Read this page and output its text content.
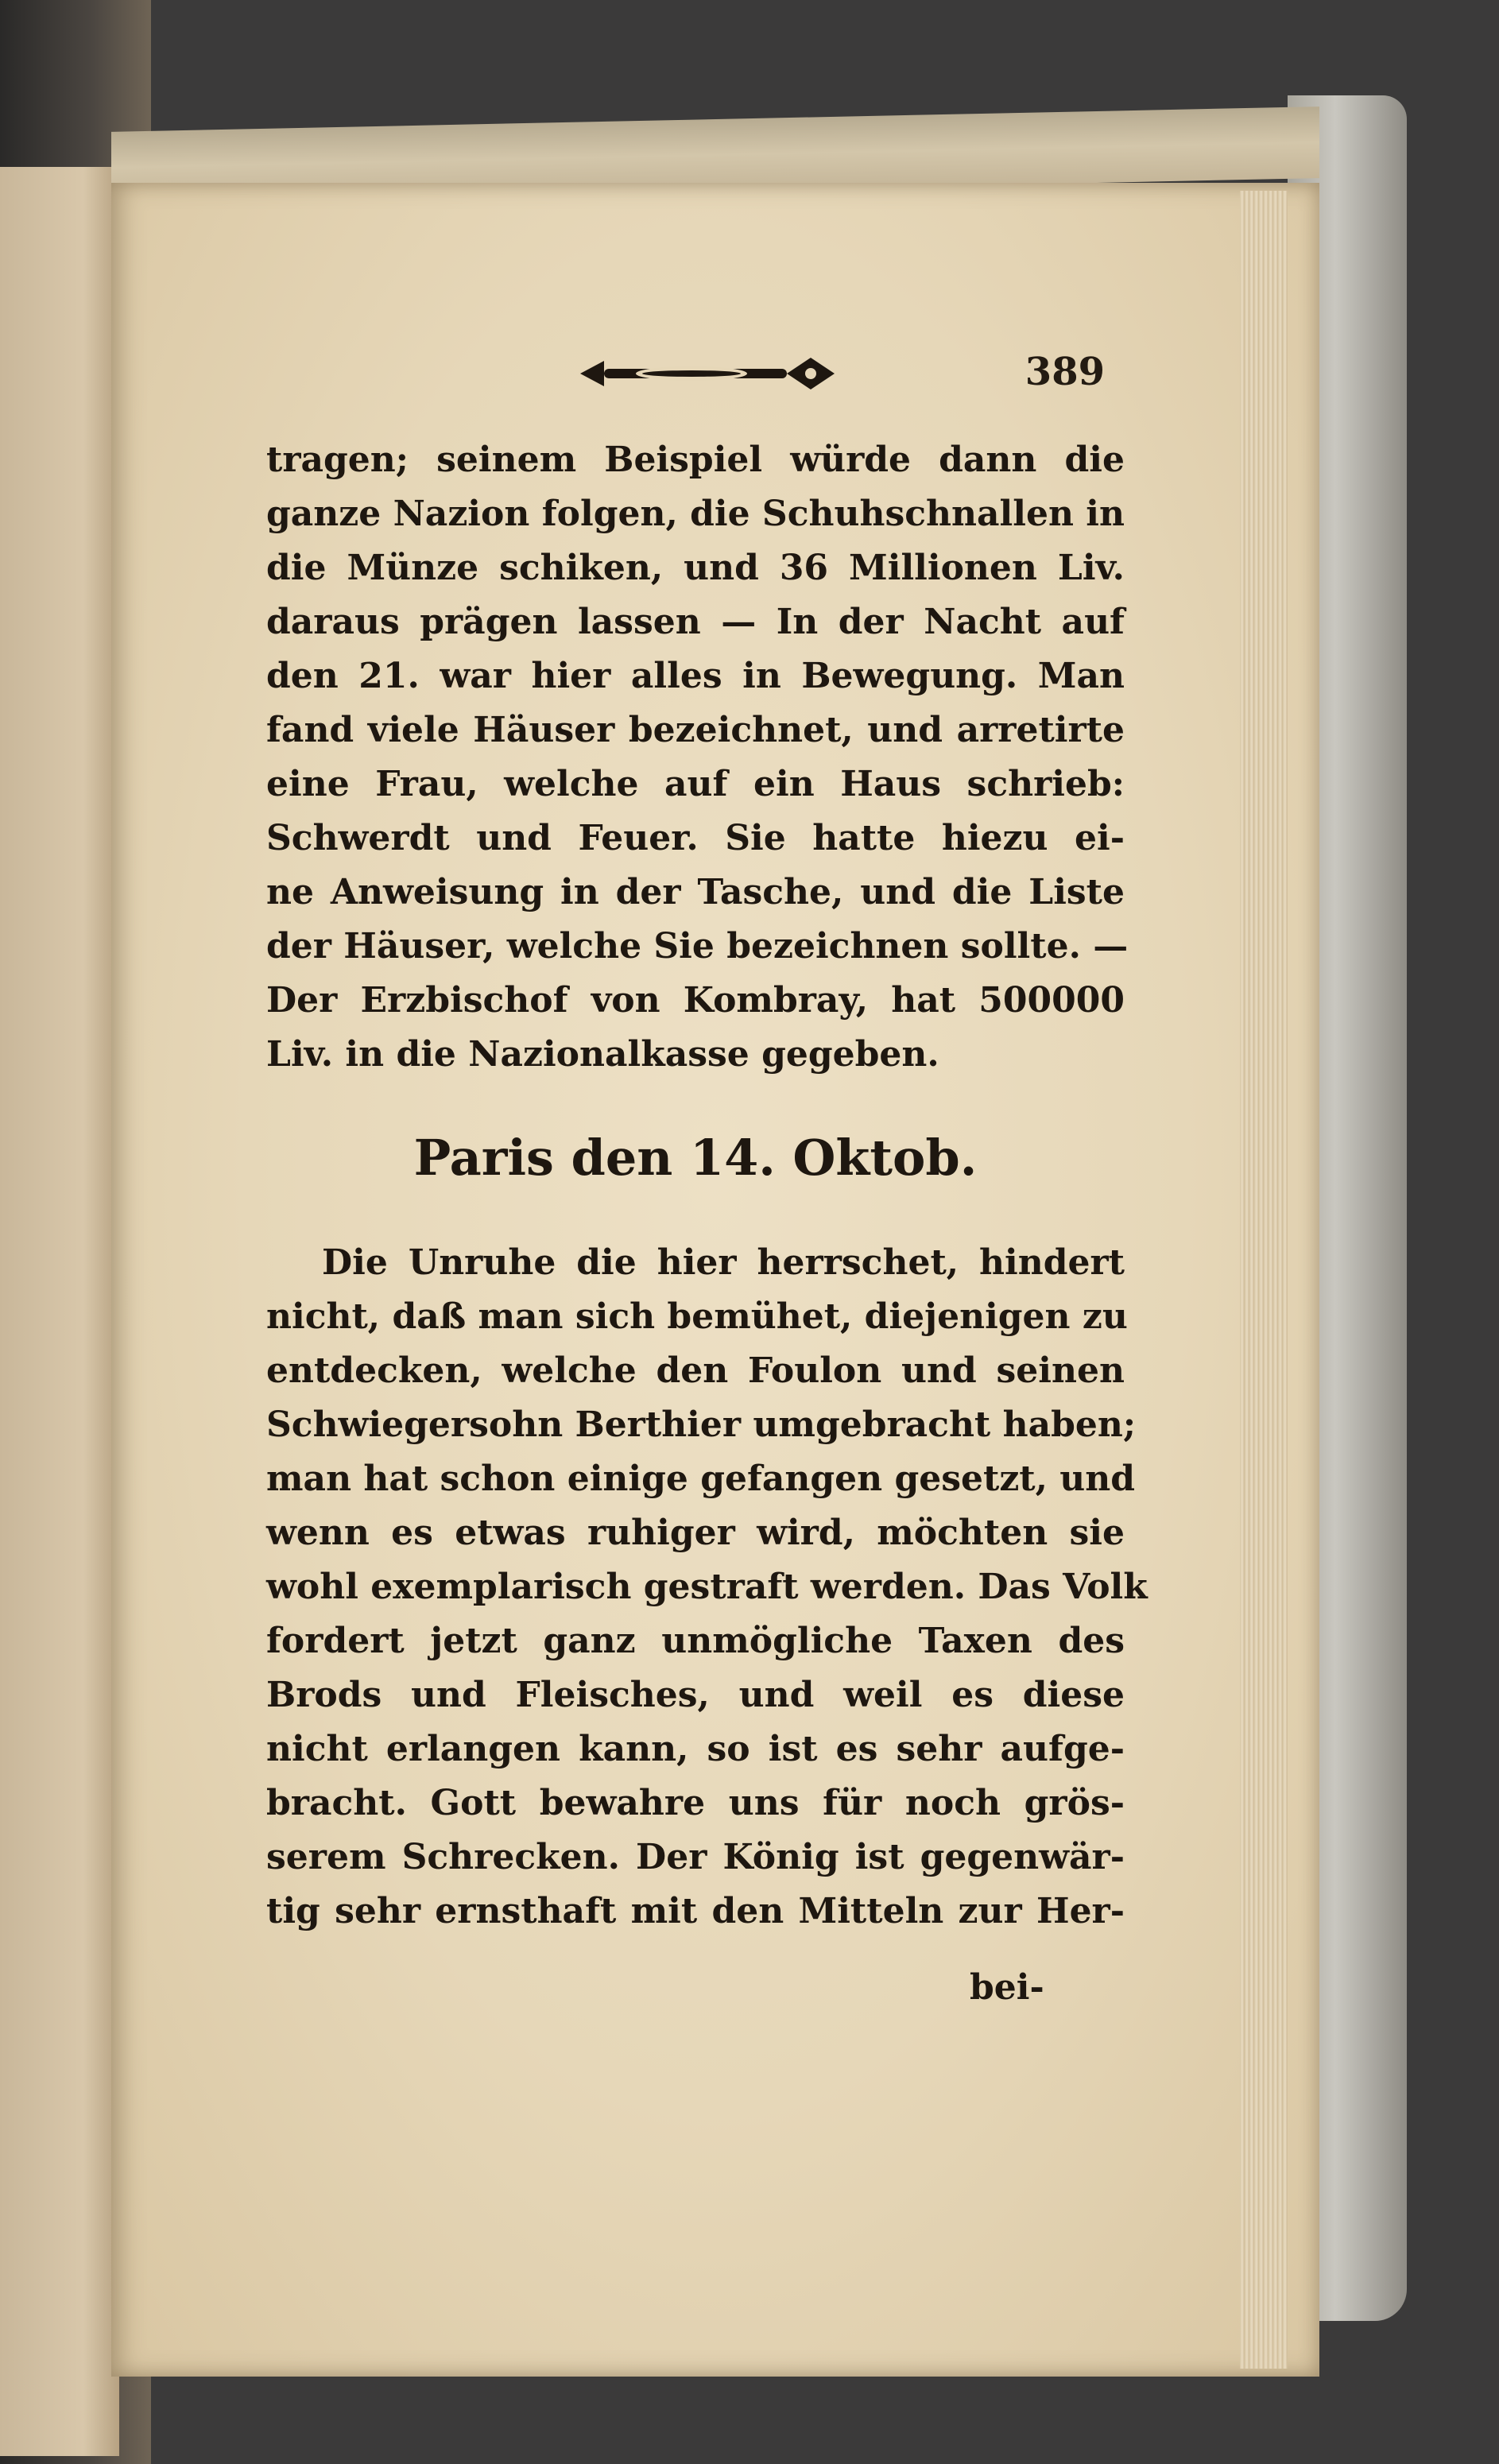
389
tragen; seinem Beispiel würde dann die
ganze Nazion folgen, die Schuhschnallen in
die Münze schiken, und 36 Millionen Liv.
daraus prägen lassen — In der Nacht auf
den 21. war hier alles in Bewegung. Man
fand viele Häuser bezeichnet, und arretirte
eine Frau, welche auf ein Haus schrieb:
Schwerdt und Feuer. Sie hatte hiezu ei-
ne Anweisung in der Tasche, und die Liste
der Häuser, welche Sie bezeichnen sollte. —
Der Erzbischof von Kombray, hat 500000
Liv. in die Nazionalkasse gegeben.
Paris den 14. Oktob.
Die Unruhe die hier herrschet, hindert
nicht, daß man sich bemühet, diejenigen zu
entdecken, welche den Foulon und seinen
Schwiegersohn Berthier umgebracht haben;
man hat schon einige gefangen gesetzt, und
wenn es etwas ruhiger wird, möchten sie
wohl exemplarisch gestraft werden. Das Volk
fordert jetzt ganz unmögliche Taxen des
Brods und Fleisches, und weil es diese
nicht erlangen kann, so ist es sehr aufge-
bracht. Gott bewahre uns für noch grös-
serem Schrecken. Der König ist gegenwär-
tig sehr ernsthaft mit den Mitteln zur Her-
bei-
